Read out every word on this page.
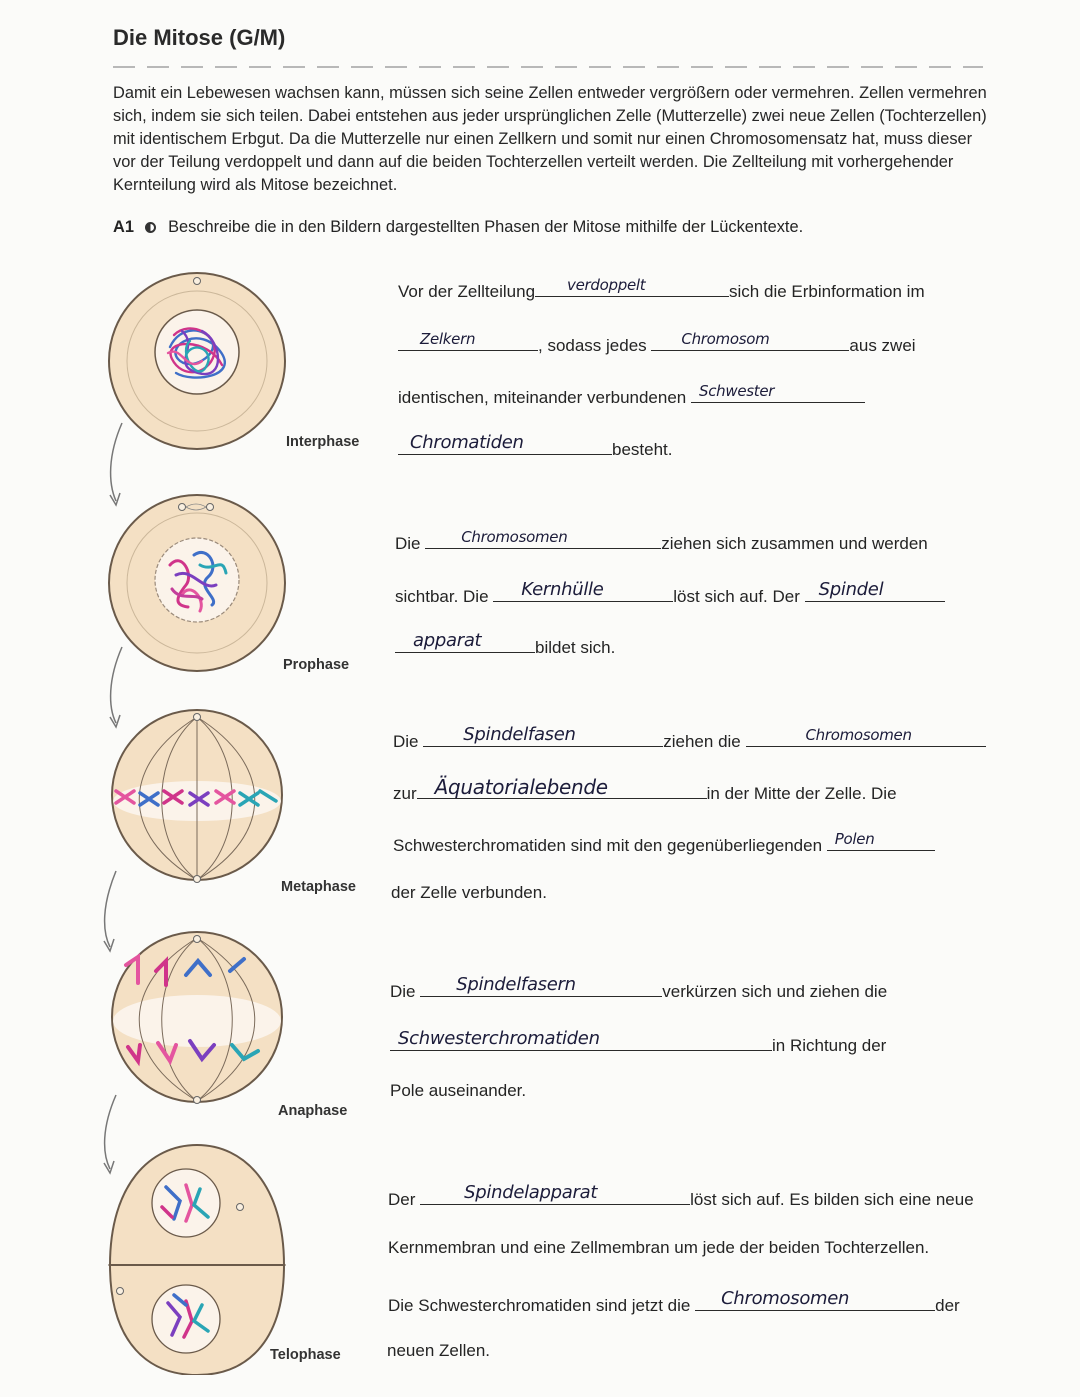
Die Mitose (G/M)
Damit ein Lebewesen wachsen kann, müssen sich seine Zellen entweder vergrößern oder vermehren. Zellen vermehren sich, indem sie sich teilen. Dabei entstehen aus jeder ursprünglichen Zelle (Mutterzelle) zwei neue Zellen (Tochterzellen) mit identischem Erbgut. Da die Mutterzelle nur einen Zellkern und somit nur einen Chromosomensatz hat, muss dieser vor der Teilung verdoppelt und dann auf die beiden Tochterzellen verteilt werden. Die Zellteilung mit vorhergehender Kernteilung wird als Mitose bezeichnet.
A1 Beschreibe die in den Bildern dargestellten Phasen der Mitose mithilfe der Lückentexte.
Interphase
Prophase
Metaphase
Anaphase
Telophase
Vor der Zellteilung verdoppelt	sich die Erbinformation im
Zelkern	, sodass jedes Chromosom	aus zwei
identischen, miteinander verbundenen Schwester
Chromatiden	besteht.
Die	Chromosomen	ziehen sich zusammen und werden
sichtbar. Die Kernhülle	löst sich auf. Der Spindel
apparat	bildet sich.
Die Spindelfasen	ziehen die	Chromosomen
zur Äquatorialebende	in der Mitte der Zelle. Die
Schwesterchromatiden sind mit den gegenüberliegenden Polen
der Zelle verbunden.
Die Spindelfasern	verkürzen sich und ziehen die
Schwesterchromatiden	in Richtung der
Pole auseinander.
Der	Spindelapparat	löst sich auf. Es bilden sich eine neue
Kernmembran und eine Zellmembran um jede der beiden Tochterzellen.
Die Schwesterchromatiden sind jetzt die Chromosomen	der
neuen Zellen.
